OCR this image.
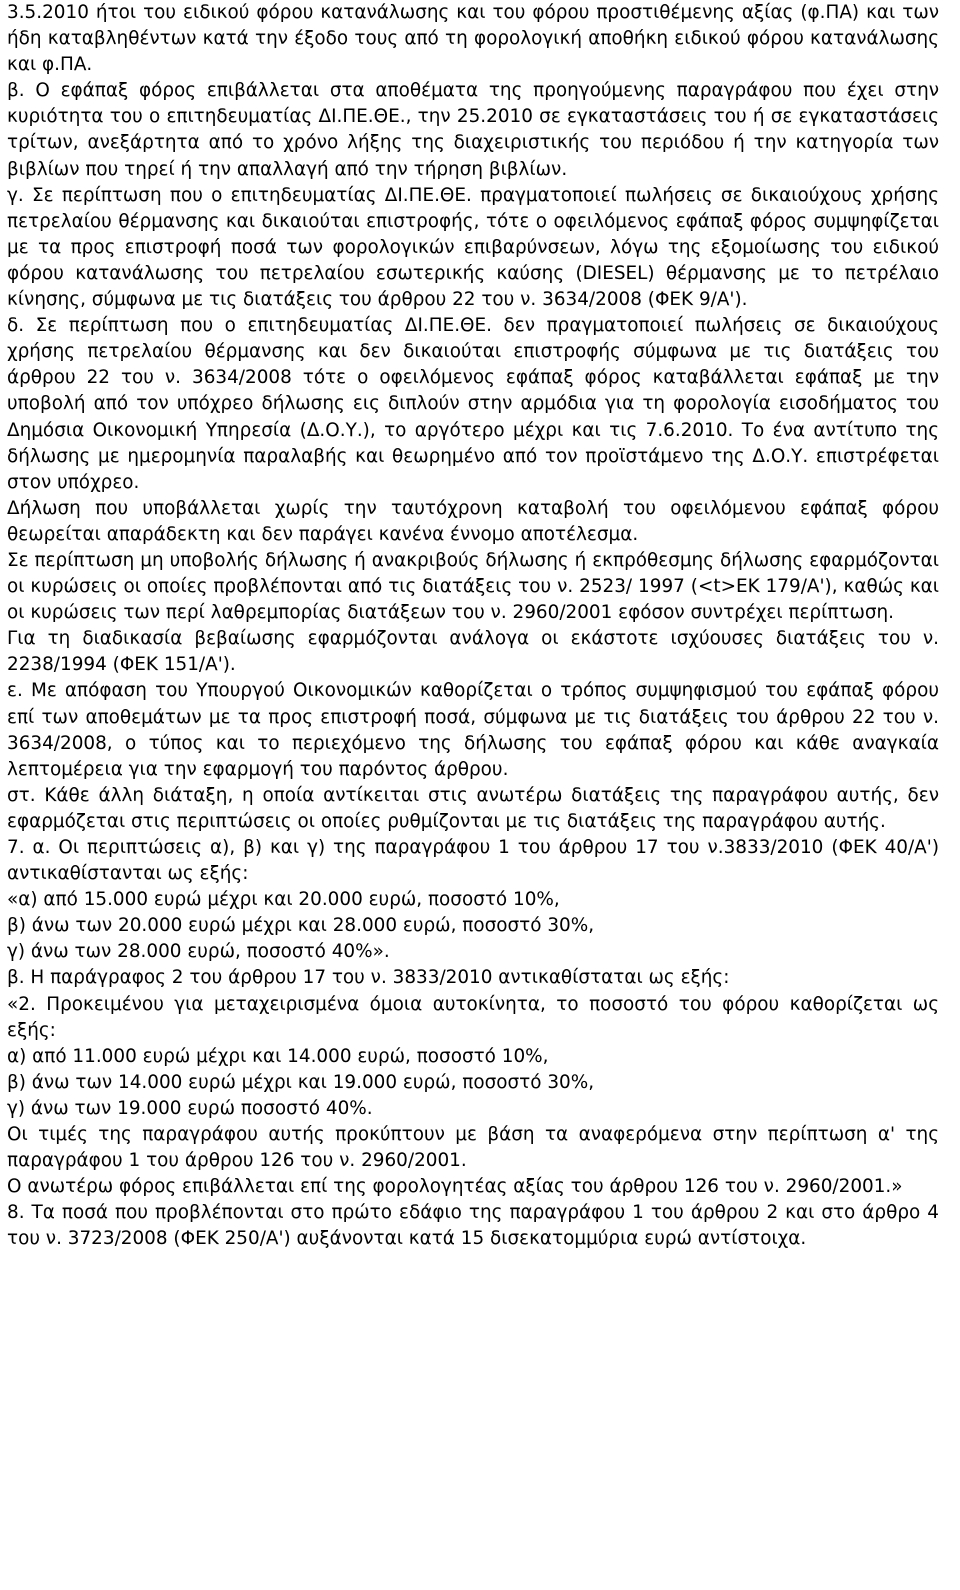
3.5.2010 ήτοι του ειδικού φόρου κατανάλωσης και του φόρου προστιθέμενης αξίας (φ.ΠΑ) και των ήδη καταβληθέντων κατά την έξοδο τους από τη φορολογική αποθήκη ειδικού φόρου κατανάλωσης και φ.ΠΑ.

β. Ο εφάπαξ φόρος επιβάλλεται στα αποθέματα της προηγούμενης παραγράφου που έχει στην κυριότητα του ο επιτηδευματίας ΔΙ.ΠΕ.ΘΕ., την 25.2010 σε εγκαταστάσεις του ή σε εγκαταστάσεις τρίτων, ανεξάρτητα από το χρόνο λήξης της διαχειριστικής του περιόδου ή την κατηγορία των βιβλίων που τηρεί ή την απαλλαγή από την τήρηση βιβλίων.

γ. Σε περίπτωση που ο επιτηδευματίας ΔΙ.ΠΕ.ΘΕ. πραγματοποιεί πωλήσεις σε δικαιούχους χρήσης πετρελαίου θέρμανσης και δικαιούται επιστροφής, τότε ο οφειλόμενος εφάπαξ φόρος συμψηφίζεται με τα προς επιστροφή ποσά των φορολογικών επιβαρύνσεων, λόγω της εξομοίωσης του ειδικού φόρου κατανάλωσης του πετρελαίου εσωτερικής καύσης (DIESEL) θέρμανσης με το πετρέλαιο κίνησης, σύμφωνα με τις διατάξεις του άρθρου 22 του ν. 3634/2008 (ΦΕΚ 9/Α').

δ. Σε περίπτωση που ο επιτηδευματίας ΔΙ.ΠΕ.ΘΕ. δεν πραγματοποιεί πωλήσεις σε δικαιούχους χρήσης πετρελαίου θέρμανσης και δεν δικαιούται επιστροφής σύμφωνα με τις διατάξεις του άρθρου 22 του ν. 3634/2008 τότε ο οφειλόμενος εφάπαξ φόρος καταβάλλεται εφάπαξ με την υποβολή από τον υπόχρεο δήλωσης εις διπλούν στην αρμόδια για τη φορολογία εισοδήματος του Δημόσια Οικονομική Υπηρεσία (Δ.Ο.Υ.), το αργότερο μέχρι και τις 7.6.2010. Το ένα αντίτυπο της δήλωσης με ημερομηνία παραλαβής και θεωρημένο από τον προϊστάμενο της Δ.Ο.Υ. επιστρέφεται στον υπόχρεο.

Δήλωση που υποβάλλεται χωρίς την ταυτόχρονη καταβολή του οφειλόμενου εφάπαξ φόρου θεωρείται απαράδεκτη και δεν παράγει κανένα έννομο αποτέλεσμα.

Σε περίπτωση μη υποβολής δήλωσης ή ανακριβούς δήλωσης ή εκπρόθεσμης δήλωσης εφαρμόζονται οι κυρώσεις οι οποίες προβλέπονται από τις διατάξεις του ν. 2523/ 1997 (<t>ΕΚ 179/Α'), καθώς και οι κυρώσεις των περί λαθρεμπορίας διατάξεων του ν. 2960/2001 εφόσον συντρέχει περίπτωση.

Για τη διαδικασία βεβαίωσης εφαρμόζονται ανάλογα οι εκάστοτε ισχύουσες διατάξεις του ν. 2238/1994 (ΦΕΚ 151/Α').

ε. Με απόφαση του Υπουργού Οικονομικών καθορίζεται ο τρόπος συμψηφισμού του εφάπαξ φόρου επί των αποθεμάτων με τα προς επιστροφή ποσά, σύμφωνα με τις διατάξεις του άρθρου 22 του ν. 3634/2008, ο τύπος και το περιεχόμενο της δήλωσης του εφάπαξ φόρου και κάθε αναγκαία λεπτομέρεια για την εφαρμογή του παρόντος άρθρου.

στ. Κάθε άλλη διάταξη, η οποία αντίκειται στις ανωτέρω διατάξεις της παραγράφου αυτής, δεν εφαρμόζεται στις περιπτώσεις οι οποίες ρυθμίζονται με τις διατάξεις της παραγράφου αυτής.

7. α. Οι περιπτώσεις α), β) και γ) της παραγράφου 1 του άρθρου 17 του ν.3833/2010 (ΦΕΚ 40/Α') αντικαθίστανται ως εξής:

«α) από 15.000 ευρώ μέχρι και 20.000 ευρώ, ποσοστό 10%,

β) άνω των 20.000 ευρώ μέχρι και 28.000 ευρώ, ποσοστό 30%,

γ) άνω των 28.000 ευρώ, ποσοστό 40%».

β. Η παράγραφος 2 του άρθρου 17 του ν. 3833/2010 αντικαθίσταται ως εξής:

«2. Προκειμένου για μεταχειρισμένα όμοια αυτοκίνητα, το ποσοστό του φόρου καθορίζεται ως εξής:

α) από 11.000 ευρώ μέχρι και 14.000 ευρώ, ποσοστό 10%,

β) άνω των 14.000 ευρώ μέχρι και 19.000 ευρώ, ποσοστό 30%,

γ) άνω των 19.000 ευρώ ποσοστό 40%.

Οι τιμές της παραγράφου αυτής προκύπτουν με βάση τα αναφερόμενα στην περίπτωση α' της παραγράφου 1 του άρθρου 126 του ν. 2960/2001.

Ο ανωτέρω φόρος επιβάλλεται επί της φορολογητέας αξίας του άρθρου 126 του ν. 2960/2001.»

8. Τα ποσά που προβλέπονται στο πρώτο εδάφιο της παραγράφου 1 του άρθρου 2 και στο άρθρο 4 του ν. 3723/2008 (ΦΕΚ 250/Α') αυξάνονται κατά 15 δισεκατομμύρια ευρώ αντίστοιχα.
